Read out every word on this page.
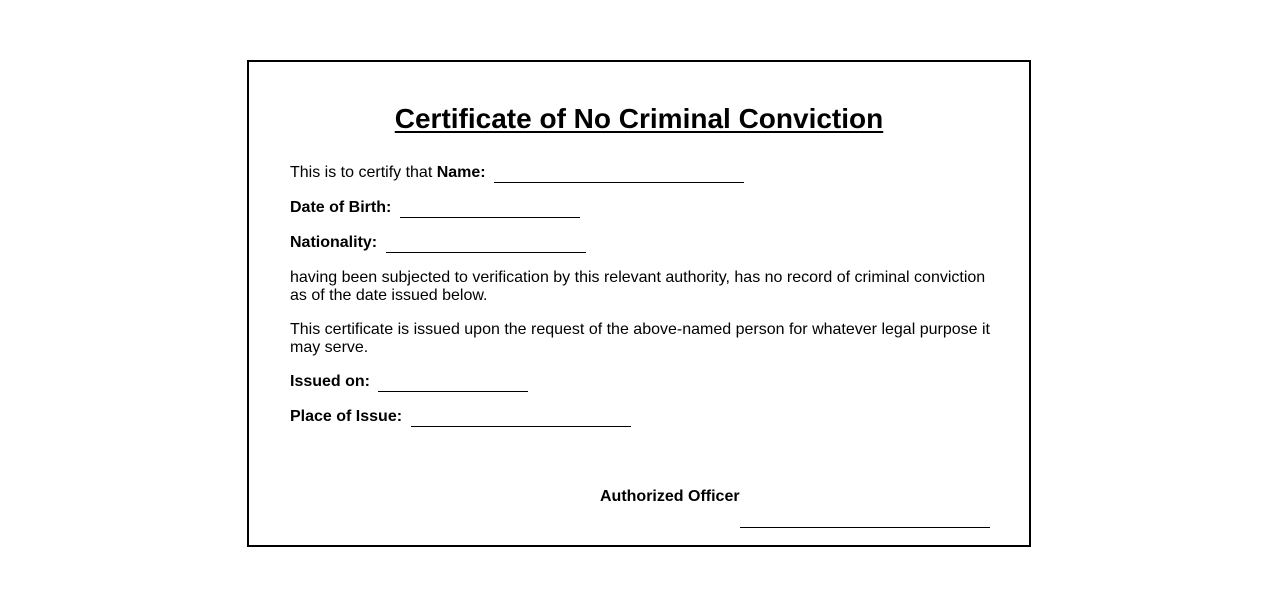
Certificate of No Criminal Conviction
This is to certify that Name:
Date of Birth:
Nationality:

having been subjected to verification by this relevant authority, has no record of criminal conviction as of the date issued below.

This certificate is issued upon the request of the above-named person for whatever legal purpose it may serve.

Issued on:
Place of Issue:
Authorized Officer
